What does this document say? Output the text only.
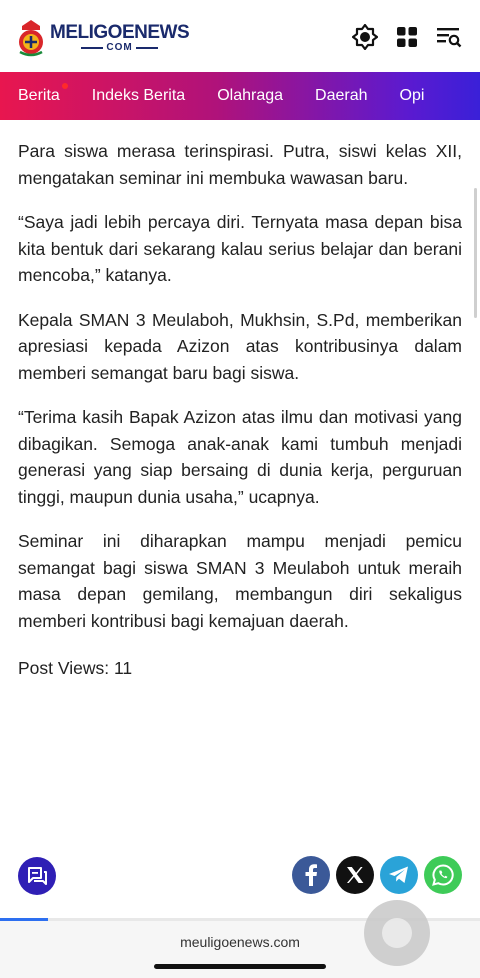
MELIGOENEWS
COM
Berita	Indeks Berita	Olahraga	Daerah	Opi

Para siswa merasa terinspirasi. Putra, siswi kelas XII, mengatakan seminar ini membuka wawasan baru.

“Saya jadi lebih percaya diri. Ternyata masa depan bisa kita bentuk dari sekarang kalau serius belajar dan berani mencoba,” katanya.

Kepala SMAN 3 Meulaboh, Mukhsin, S.Pd, memberikan apresiasi kepada Azizon atas kontribusinya dalam memberi semangat baru bagi siswa.

“Terima kasih Bapak Azizon atas ilmu dan motivasi yang dibagikan. Semoga anak-anak kami tumbuh menjadi generasi yang siap bersaing di dunia kerja, perguruan tinggi, maupun dunia usaha,” ucapnya.

Seminar ini diharapkan mampu menjadi pemicu semangat bagi siswa SMAN 3 Meulaboh untuk meraih masa depan gemilang, membangun diri sekaligus memberi kontribusi bagi kemajuan daerah.

Post Views: 11

meuligoenews.com
